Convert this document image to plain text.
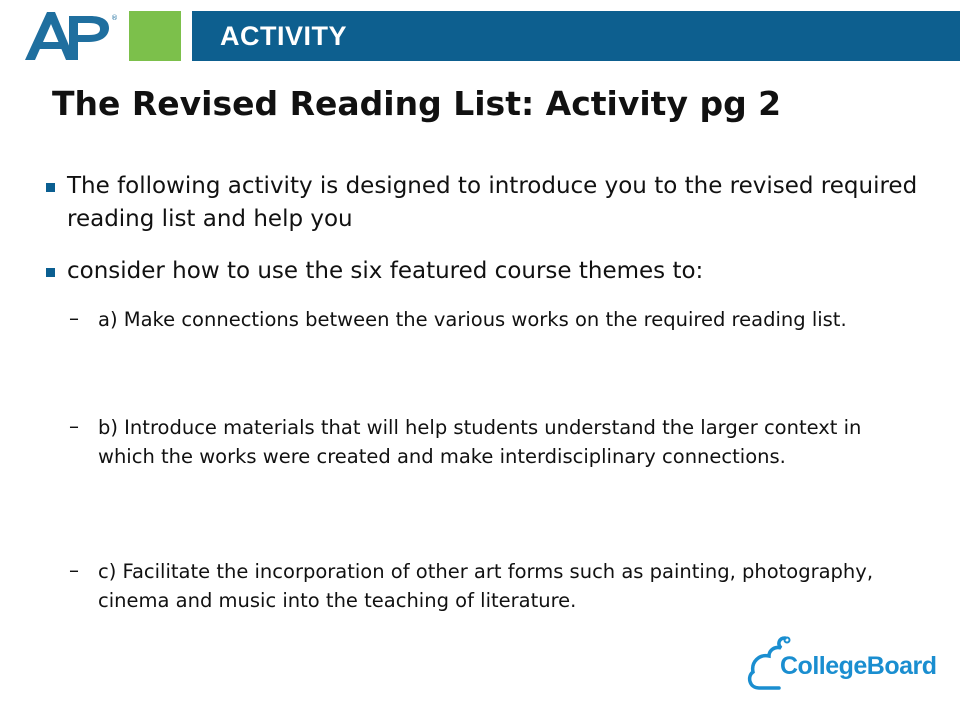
®
ACTIVITY
The Revised Reading List: Activity pg 2
The following activity is designed to introduce you to the revised required reading list and help you
consider how to use the six featured course themes to:
– a) Make connections between the various works on the required reading list.
– b) Introduce materials that will help students understand the larger context in which the works were created and make interdisciplinary connections.
– c) Facilitate the incorporation of other art forms such as painting, photography, cinema and music into the teaching of literature.
CollegeBoard
